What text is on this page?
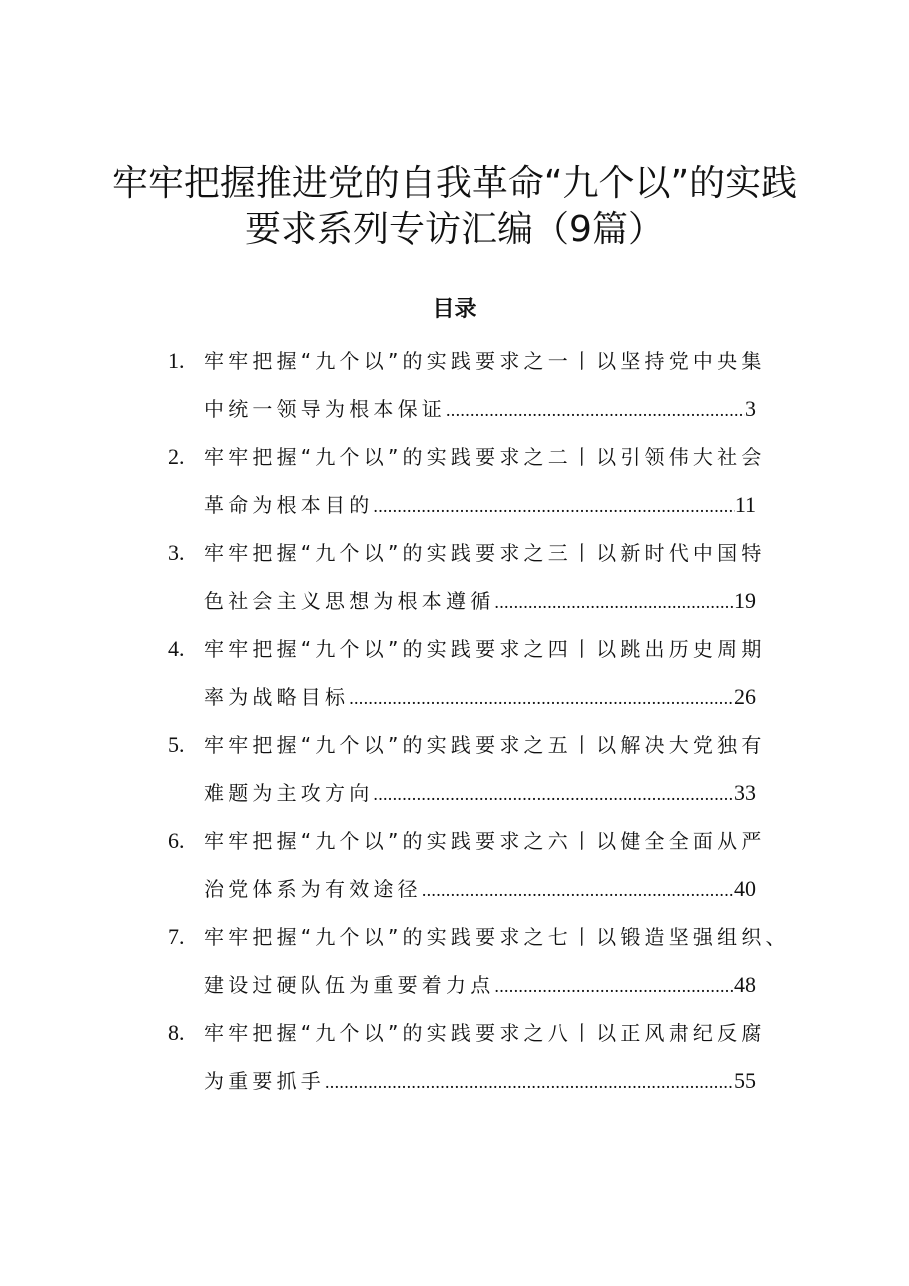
牢牢把握推进党的自我革命“九个以”的实践
要求系列专访汇编（9篇）
目录
1. 牢牢把握“九个以”的实践要求之一丨以坚持党中央集
中统一领导为根本保证 .....	3
2. 牢牢把握“九个以”的实践要求之二丨以引领伟大社会
革命为根本目的 .....	11
3. 牢牢把握“九个以”的实践要求之三丨以新时代中国特
色社会主义思想为根本遵循 .....	19
4. 牢牢把握“九个以”的实践要求之四丨以跳出历史周期
率为战略目标 .....	26
5. 牢牢把握“九个以”的实践要求之五丨以解决大党独有
难题为主攻方向 .....	33
6. 牢牢把握“九个以”的实践要求之六丨以健全全面从严
治党体系为有效途径 .....	40
7. 牢牢把握“九个以”的实践要求之七丨以锻造坚强组织、
建设过硬队伍为重要着力点 .....	48
8. 牢牢把握“九个以”的实践要求之八丨以正风肃纪反腐
为重要抓手 .....	55
